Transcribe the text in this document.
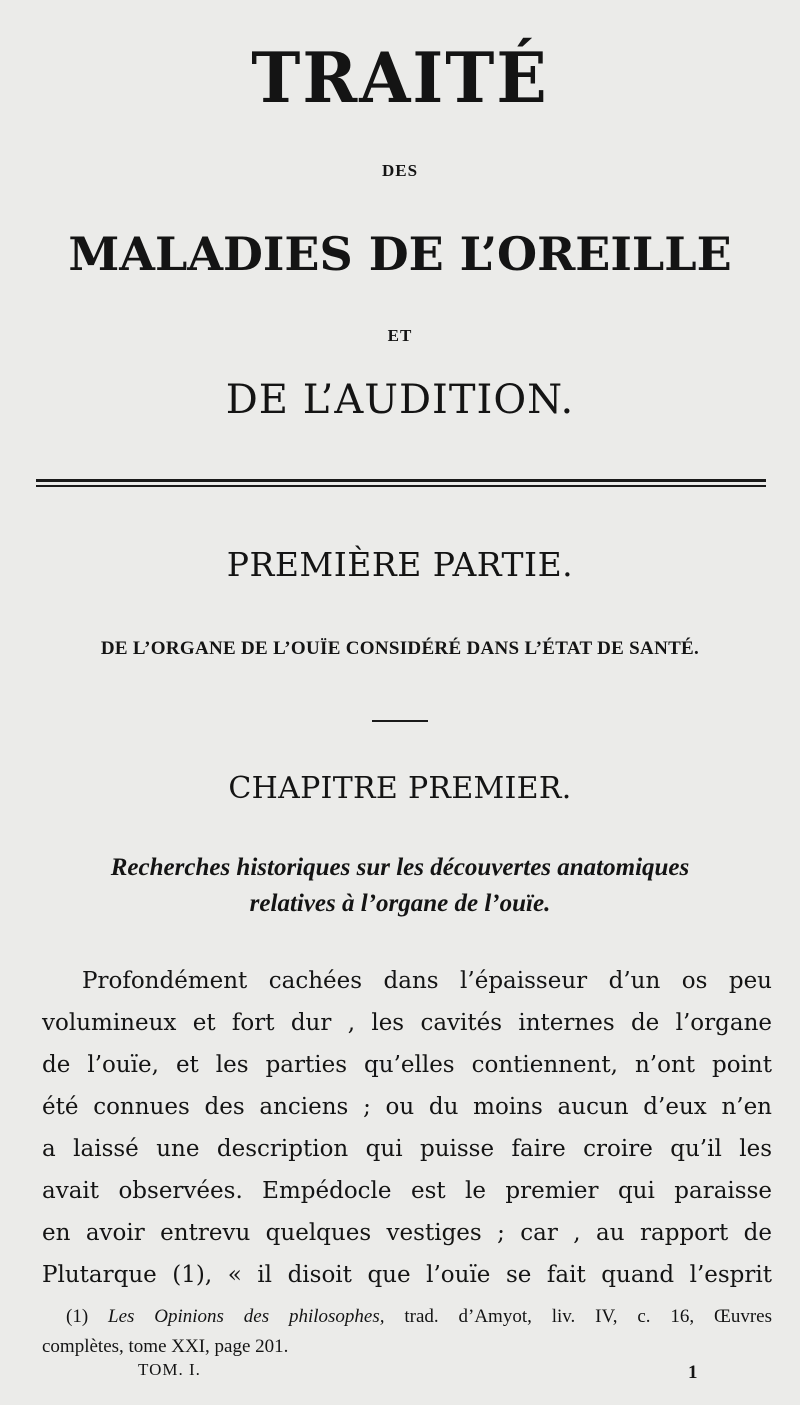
TRAITÉ
DES
MALADIES DE L’OREILLE
ET
DE L’AUDITION.
PREMIÈRE PARTIE.
DE L’ORGANE DE L’OUÏE CONSIDÉRÉ DANS L’ÉTAT DE SANTÉ.
CHAPITRE PREMIER.
Recherches historiques sur les découvertes anatomiques
relatives à l’organe de l’ouïe.
Profondément cachées dans l’épaisseur d’un os peu
volumineux et fort dur , les cavités internes de l’organe
de l’ouïe, et les parties qu’elles contiennent, n’ont point
été connues des anciens ; ou du moins aucun d’eux n’en
a laissé une description qui puisse faire croire qu’il les
avait observées. Empédocle est le premier qui paraisse
en avoir entrevu quelques vestiges ; car , au rapport de
Plutarque (1), « il disoit que l’ouïe se fait quand l’esprit
(1) Les Opinions des philosophes, trad. d’Amyot, liv. IV, c. 16, Œuvres
complètes, tome XXI, page 201.
TOM. I.	1
